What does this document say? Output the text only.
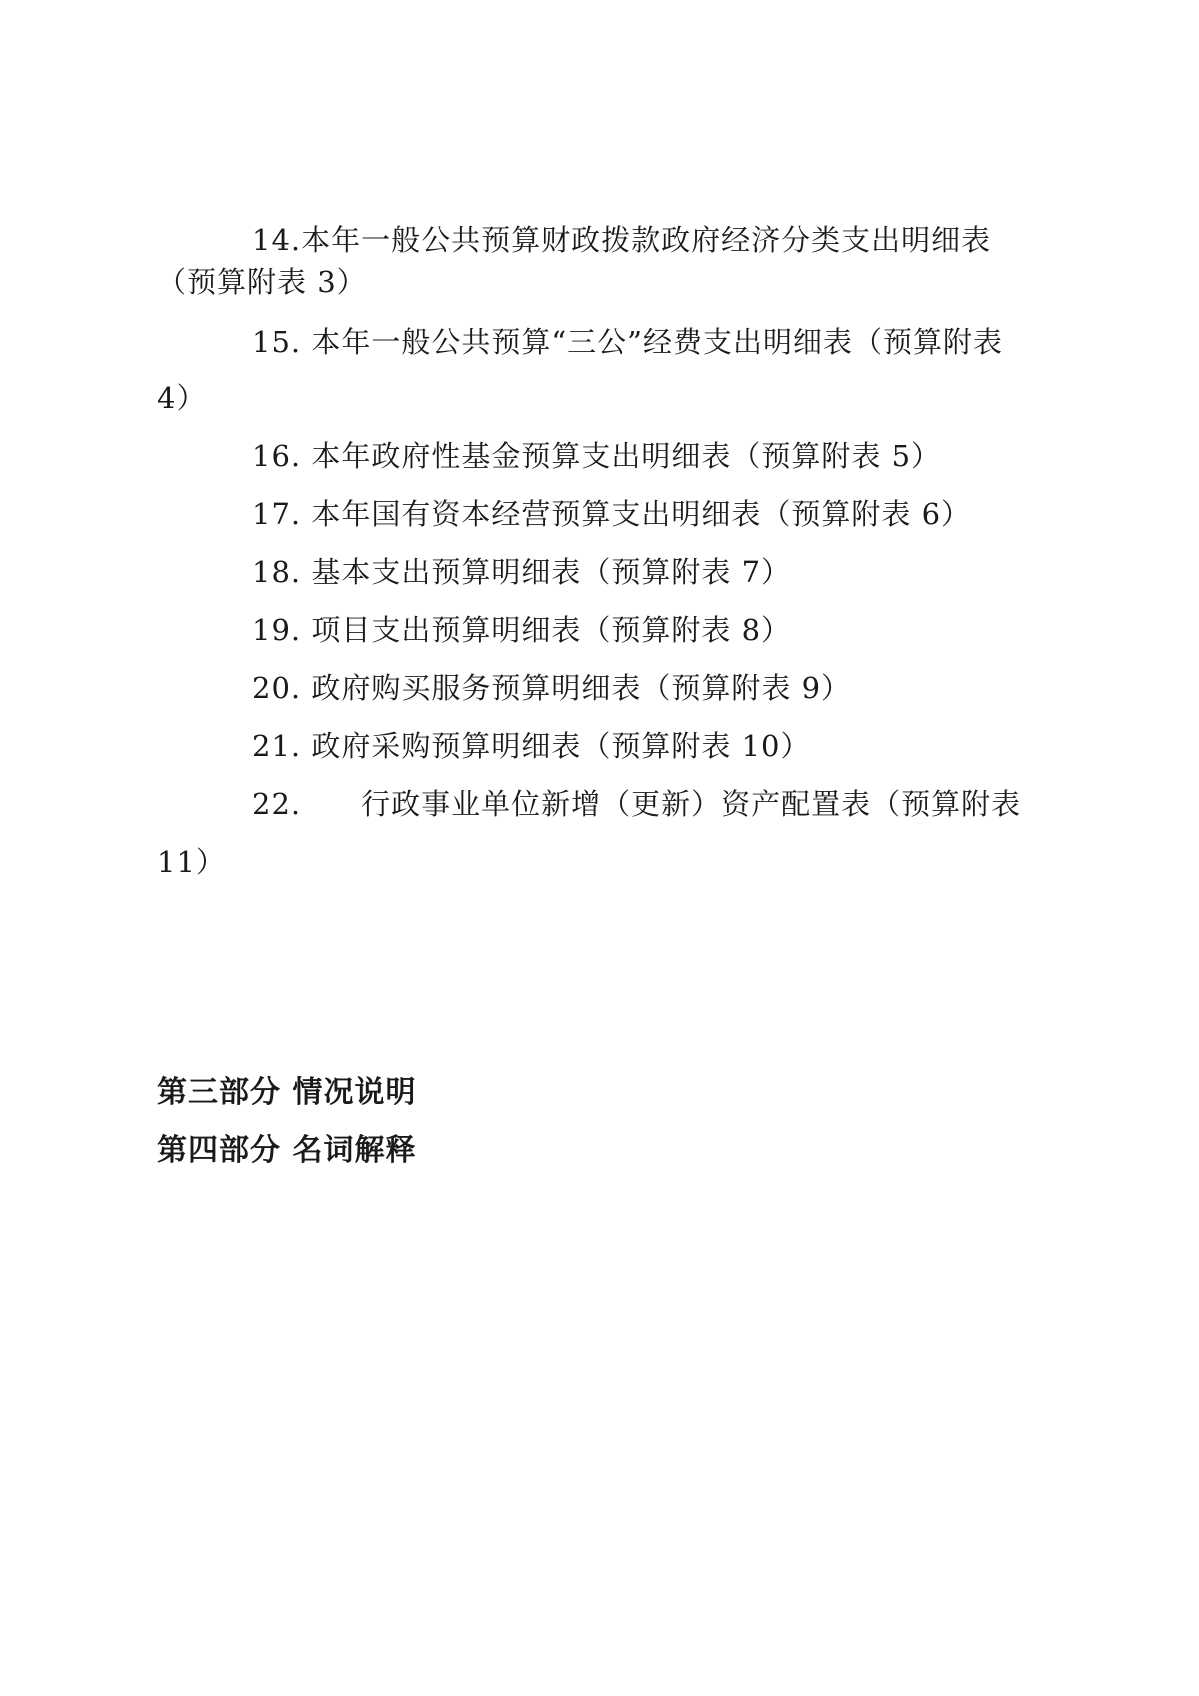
14.本年一般公共预算财政拨款政府经济分类支出明细表
（预算附表 3）
15. 本年一般公共预算“三公”经费支出明细表（预算附表
4）
16. 本年政府性基金预算支出明细表（预算附表 5）
17. 本年国有资本经营预算支出明细表（预算附表 6）
18. 基本支出预算明细表（预算附表 7）
19. 项目支出预算明细表（预算附表 8）
20. 政府购买服务预算明细表（预算附表 9）
21. 政府采购预算明细表（预算附表 10）
22. 行政事业单位新增（更新）资产配置表（预算附表
11）
第三部分 情况说明
第四部分 名词解释
